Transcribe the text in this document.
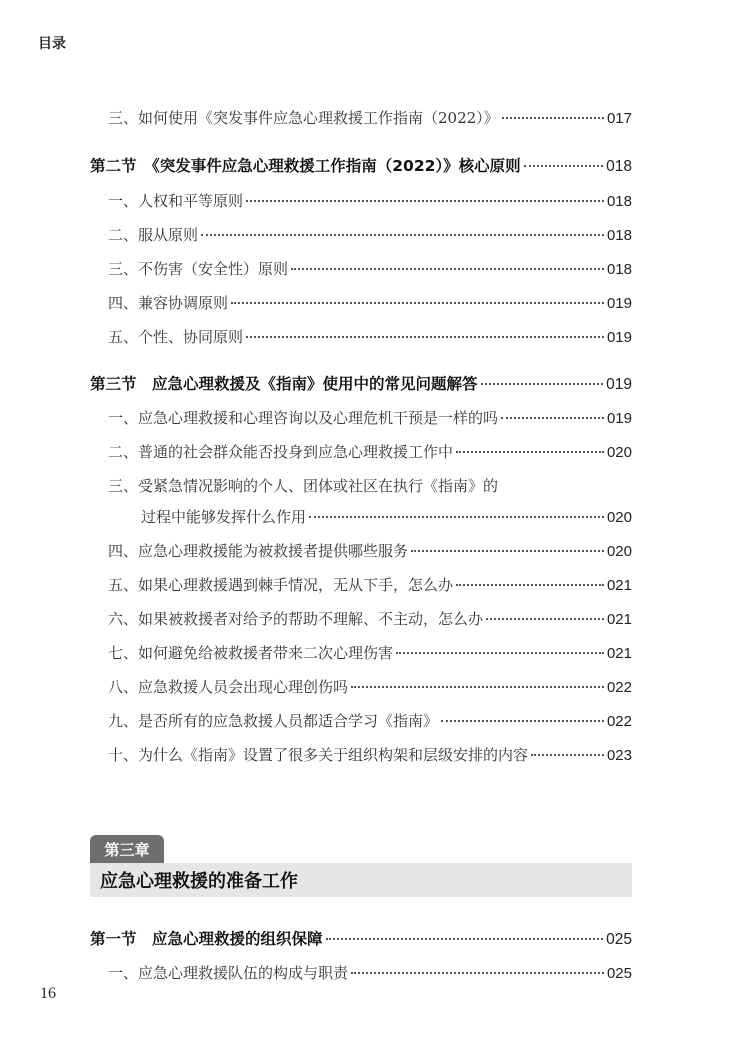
目录
三、如何使用《突发事件应急心理救援工作指南（2022）》	017
第二节　《突发事件应急心理救援工作指南（2022）》核心原则	018
一、人权和平等原则	018
二、服从原则	018
三、不伤害（安全性）原则	018
四、兼容协调原则	019
五、个性、协同原则	019
第三节　应急心理救援及《指南》使用中的常见问题解答	019
一、应急心理救援和心理咨询以及心理危机干预是一样的吗	019
二、普通的社会群众能否投身到应急心理救援工作中	020
三、受紧急情况影响的个人、团体或社区在执行《指南》的
过程中能够发挥什么作用	020
四、应急心理救援能为被救援者提供哪些服务	020
五、如果心理救援遇到棘手情况，无从下手，怎么办	021
六、如果被救援者对给予的帮助不理解、不主动，怎么办	021
七、如何避免给被救援者带来二次心理伤害	021
八、应急救援人员会出现心理创伤吗	022
九、是否所有的应急救援人员都适合学习《指南》	022
十、为什么《指南》设置了很多关于组织构架和层级安排的内容	023
第三章
应急心理救援的准备工作
第一节　应急心理救援的组织保障	025
一、应急心理救援队伍的构成与职责	025
16
